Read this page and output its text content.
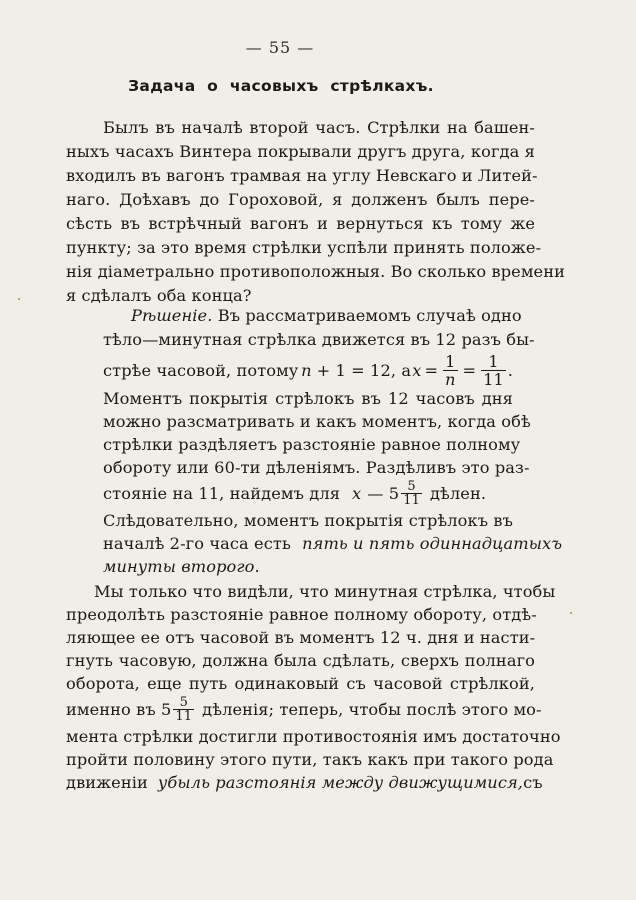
— 55 —
Задача о часовыхъ стрѣлкахъ.
Былъ въ началѣ второй часъ. Стрѣлки на башен-
ныхъ часахъ Винтера покрывали другъ друга, когда я
входилъ въ вагонъ трамвая на углу Невскаго и Литей-
наго. Доѣхавъ до Гороховой, я долженъ былъ пере-
сѣсть въ встрѣчный вагонъ и вернуться къ тому же
пункту; за это время стрѣлки успѣли принять положе-
нія діаметрально противоположныя. Во сколько времени
я сдѣлалъ оба конца?
Рѣшеніе. Въ рассматриваемомъ случаѣ одно
тѣло—минутная стрѣлка движется въ 12 разъ бы-
стрѣе часовой, потому n + 1 = 12, а $x = \frac{1}{n} = \frac{1}{11}$ .
Моментъ покрытія стрѣлокъ въ 12 часовъ дня
можно разсматривать и какъ моментъ, когда обѣ
стрѣлки раздѣляетъ разстояніе равное полному
обороту или 60-ти дѣленіямъ. Раздѣливъ это раз-
стояніе на 11, найдемъ для x — $5 \frac{5}{11}$ дѣлен.
Слѣдовательно, моментъ покрытія стрѣлокъ въ
началѣ 2-го часа есть пять и пять одиннадцатыхъ
минуты второго.
Мы только что видѣли, что минутная стрѣлка, чтобы
преодолѣть разстояніе равное полному обороту, отдѣ-
ляющее ее отъ часовой въ моментъ 12 ч. дня и насти-
гнуть часовую, должна была сдѣлать, сверхъ полнаго
оборота, еще путь одинаковый съ часовой стрѣлкой,
именно въ $5 \frac{5}{11}$ дѣленія; теперь, чтобы послѣ этого мо-
мента стрѣлки достигли противостоянія имъ достаточно
пройти половину этого пути, такъ какъ при такого рода
движеніи убыль разстоянія между движущимися, съ
